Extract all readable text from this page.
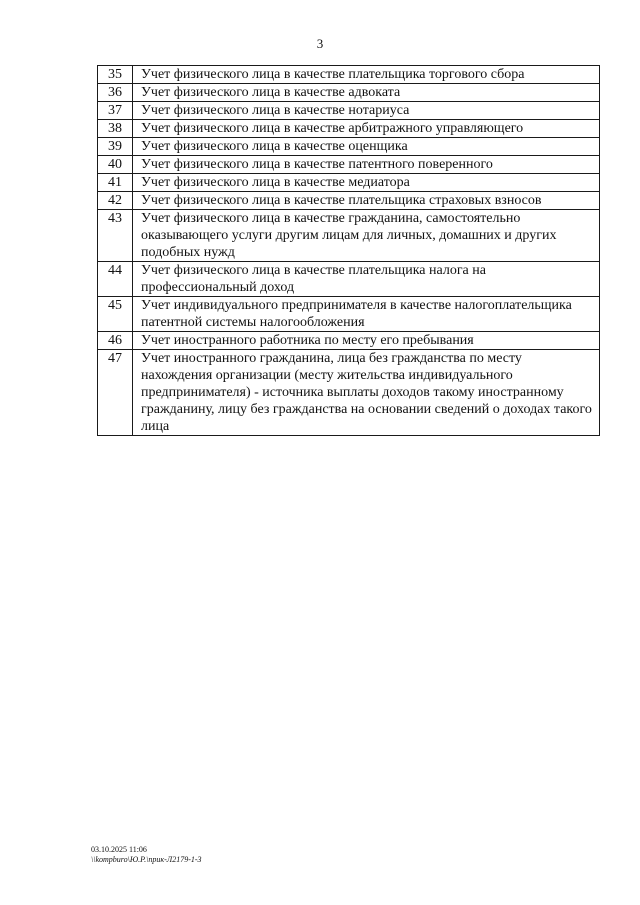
3
35	Учет физического лица в качестве плательщика торгового сбора
36	Учет физического лица в качестве адвоката
37	Учет физического лица в качестве нотариуса
38	Учет физического лица в качестве арбитражного управляющего
39	Учет физического лица в качестве оценщика
40	Учет физического лица в качестве патентного поверенного
41	Учет физического лица в качестве медиатора
42	Учет физического лица в качестве плательщика страховых взносов
43	Учет физического лица в качестве гражданина, самостоятельно оказывающего услуги другим лицам для личных, домашних и других подобных нужд
44	Учет физического лица в качестве плательщика налога на профессиональный доход
45	Учет индивидуального предпринимателя в качестве налогоплательщика патентной системы налогообложения
46	Учет иностранного работника по месту его пребывания
47	Учет иностранного гражданина, лица без гражданства по месту нахождения организации (месту жительства индивидуального предпринимателя) - источника выплаты доходов такому иностранному гражданину, лицу без гражданства на основании сведений о доходах такого лица
03.10.2025 11:06
\\kompburo\Ю.Р.\прик-Л2179-1-3
